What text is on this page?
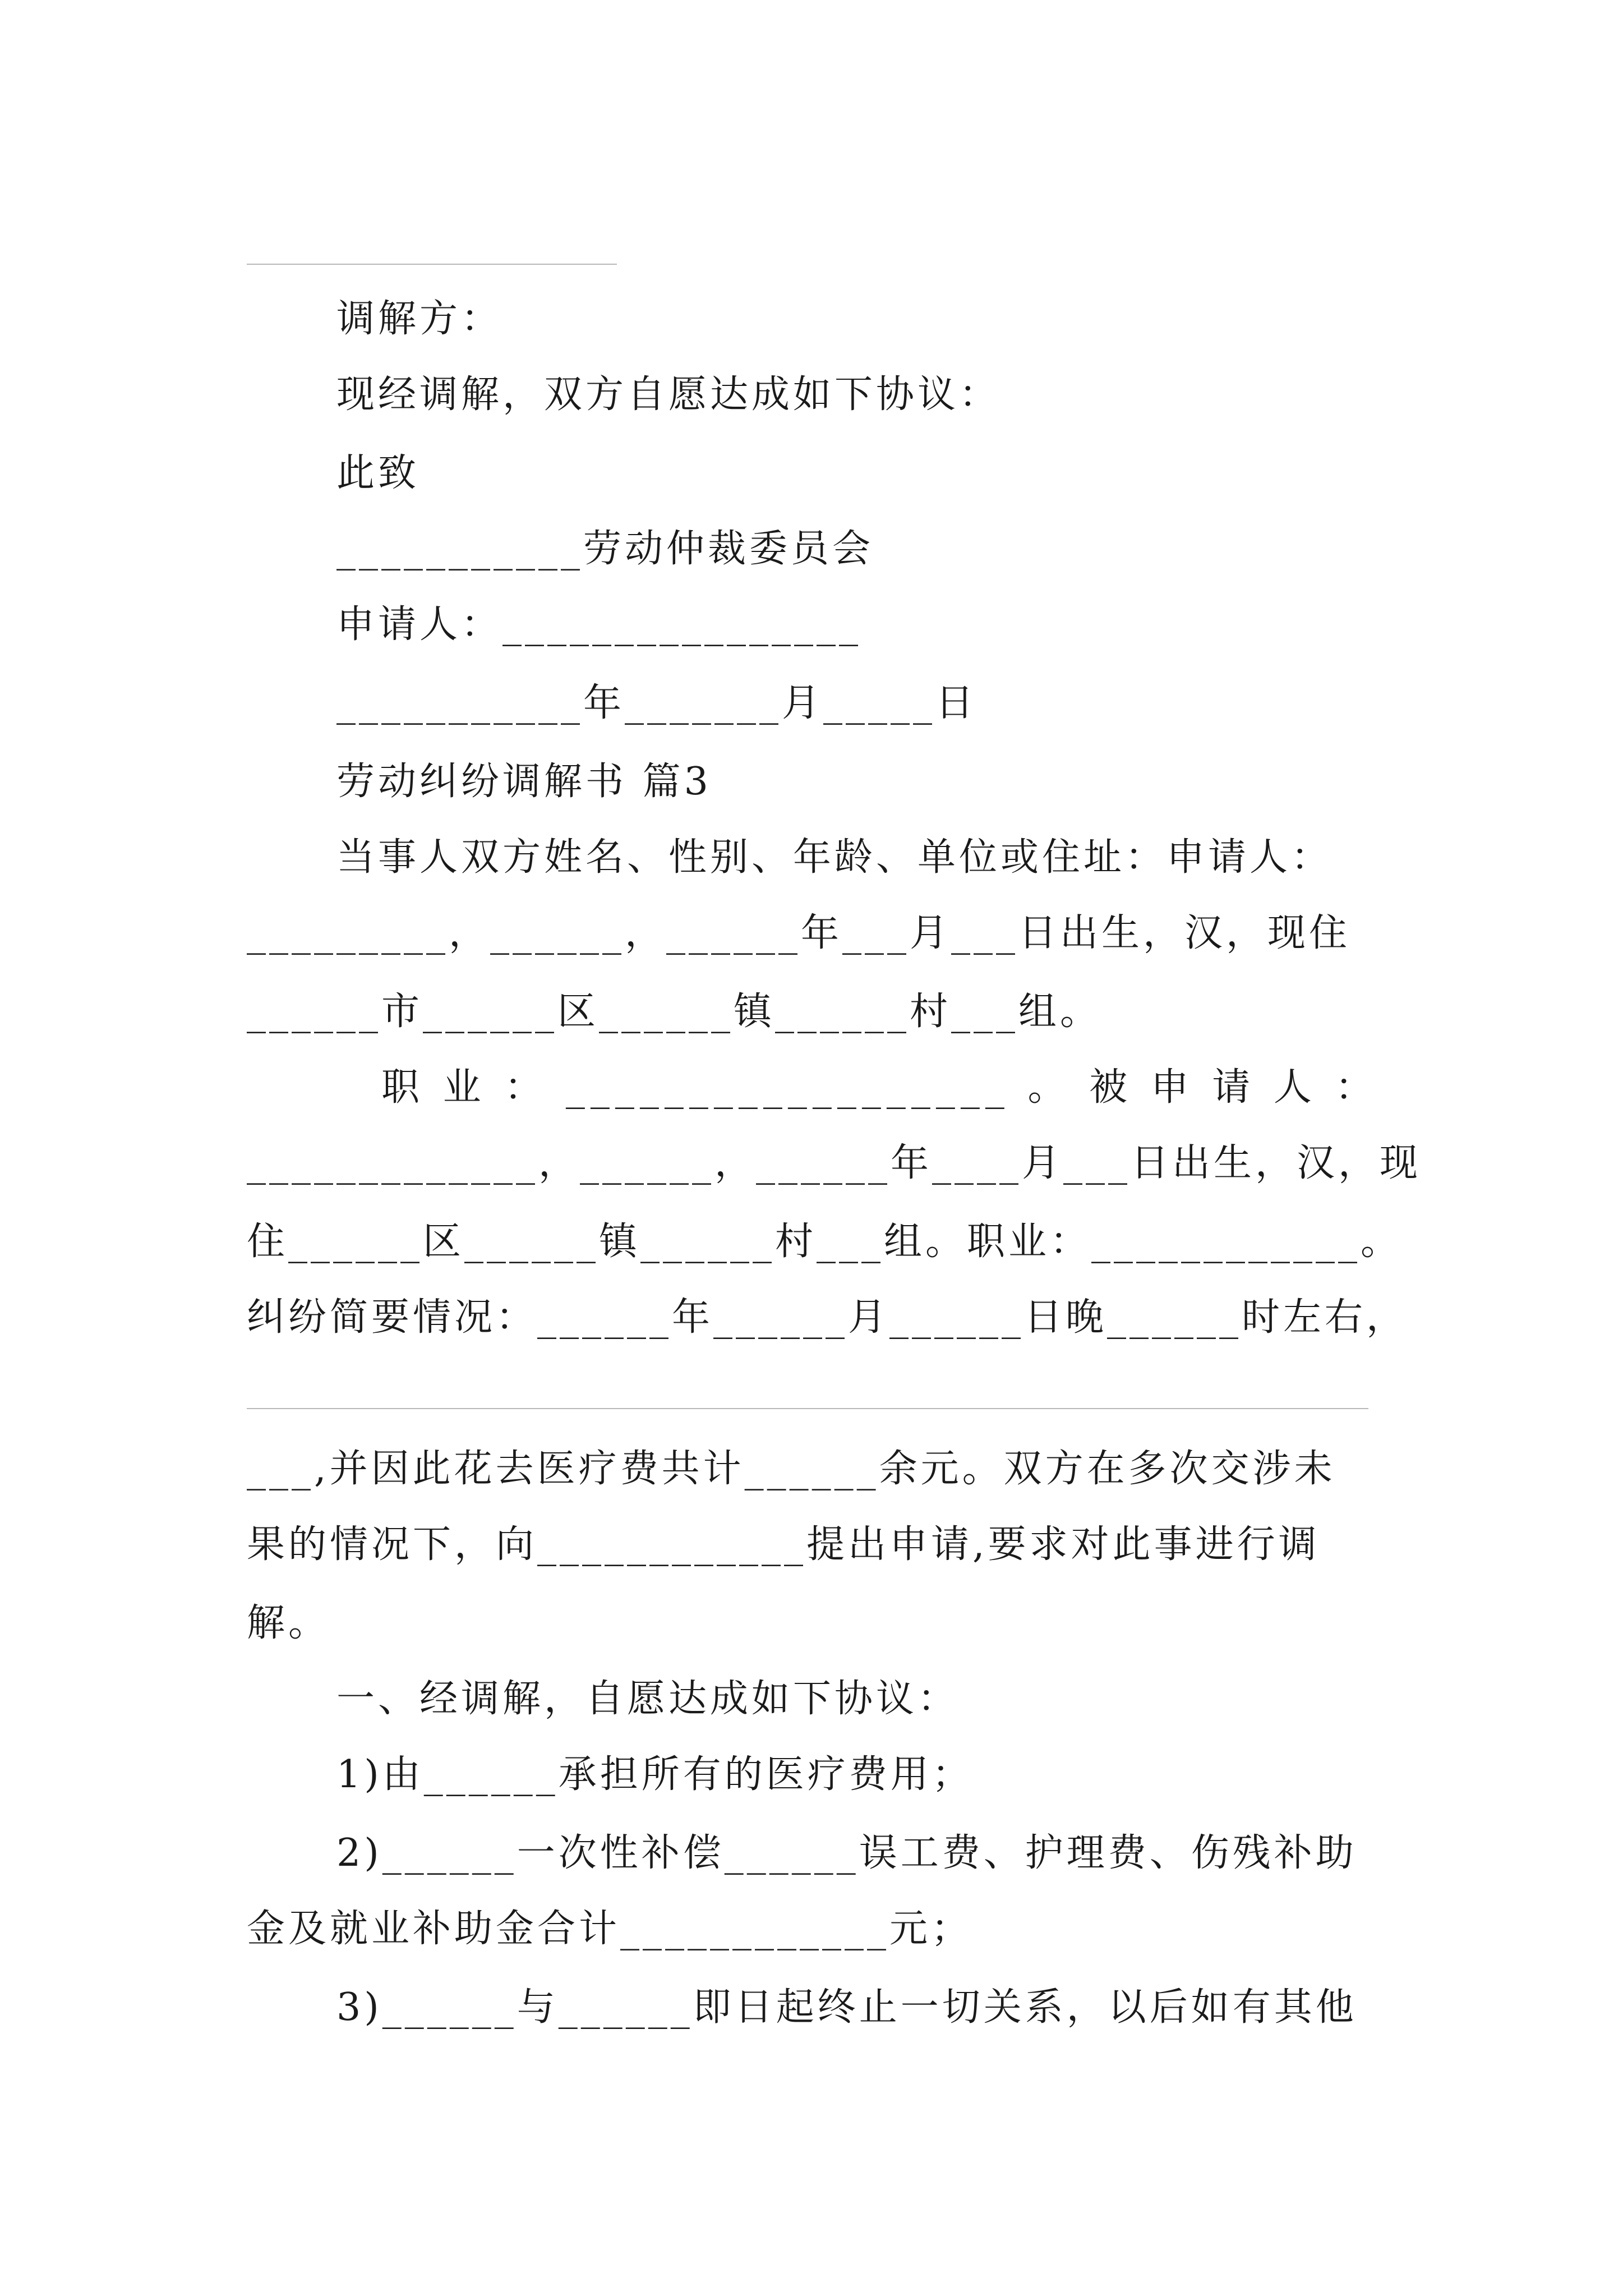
调解方：

现经调解，双方自愿达成如下协议：

此致

___________劳动仲裁委员会

申请人：________________

___________年_______月_____日

劳动纠纷调解书 篇3

当事人双方姓名、性别、年龄、单位或住址：申请人：

_________，______，______年___月___日出生，汉，现住

______市______区______镇______村___组。

职 业 ： __________________ 。 被 申 请 人 ：

_____________，______，______年____月___日出生，汉，现

住______区______镇______村___组。职业：____________。

纠纷简要情况：______年______月______日晚______时左右，

___,并因此花去医疗费共计______余元。双方在多次交涉未

果的情况下，向____________提出申请,要求对此事进行调

解。

一、经调解，自愿达成如下协议：

1)由______承担所有的医疗费用；

2)______一次性补偿______误工费、护理费、伤残补助

金及就业补助金合计____________元；

3)______与______即日起终止一切关系，以后如有其他
